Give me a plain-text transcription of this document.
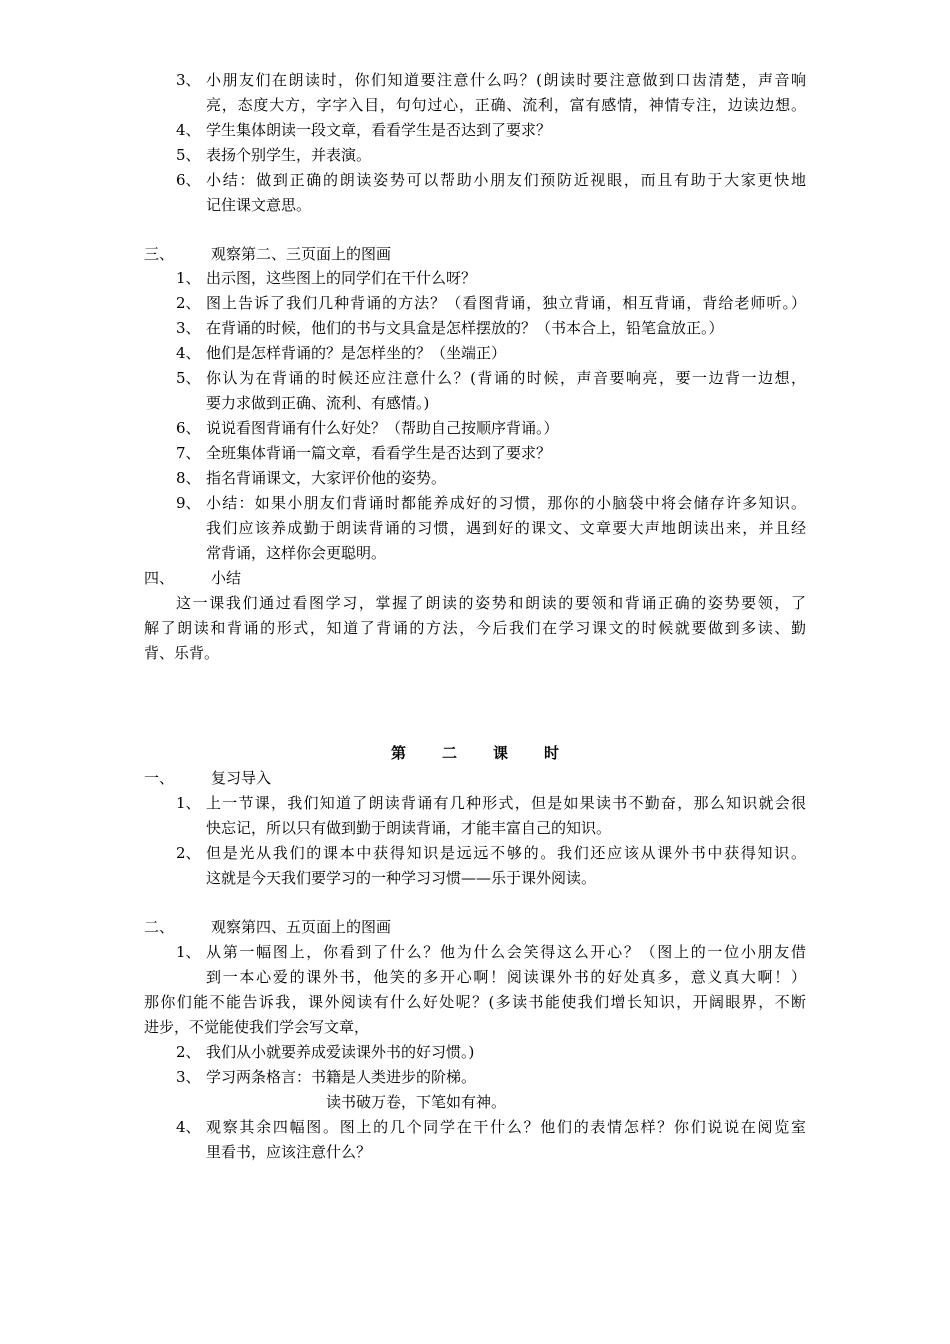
3、 小朋友们在朗读时，你们知道要注意什么吗？(朗读时要注意做到口齿清楚，声音响
亮，态度大方，字字入目，句句过心，正确、流利，富有感情，神情专注，边读边想。
4、 学生集体朗读一段文章，看看学生是否达到了要求？
5、 表扬个别学生，并表演。
6、 小结：做到正确的朗读姿势可以帮助小朋友们预防近视眼，而且有助于大家更快地
记住课文意思。
三、 观察第二、三页面上的图画
1、 出示图，这些图上的同学们在干什么呀？
2、 图上告诉了我们几种背诵的方法？（看图背诵，独立背诵，相互背诵，背给老师听。）
3、 在背诵的时候，他们的书与文具盒是怎样摆放的？（书本合上，铅笔盒放正。）
4、 他们是怎样背诵的？是怎样坐的？（坐端正）
5、 你认为在背诵的时候还应注意什么？(背诵的时候，声音要响亮，要一边背一边想，
要力求做到正确、流利、有感情。)
6、 说说看图背诵有什么好处？（帮助自己按顺序背诵。）
7、 全班集体背诵一篇文章，看看学生是否达到了要求？
8、 指名背诵课文，大家评价他的姿势。
9、 小结：如果小朋友们背诵时都能养成好的习惯，那你的小脑袋中将会储存许多知识。
我们应该养成勤于朗读背诵的习惯，遇到好的课文、文章要大声地朗读出来，并且经
常背诵，这样你会更聪明。
四、 小结
这一课我们通过看图学习，掌握了朗读的姿势和朗读的要领和背诵正确的姿势要领，了
解了朗读和背诵的形式，知道了背诵的方法，今后我们在学习课文的时候就要做到多读、勤
背、乐背。
第 二 课 时
一、 复习导入
1、 上一节课，我们知道了朗读背诵有几种形式，但是如果读书不勤奋，那么知识就会很
快忘记，所以只有做到勤于朗读背诵，才能丰富自己的知识。
2、 但是光从我们的课本中获得知识是远远不够的。我们还应该从课外书中获得知识。
这就是今天我们要学习的一种学习习惯——乐于课外阅读。
二、 观察第四、五页面上的图画
1、 从第一幅图上，你看到了什么？他为什么会笑得这么开心？（图上的一位小朋友借
到一本心爱的课外书，他笑的多开心啊！阅读课外书的好处真多，意义真大啊！）
那你们能不能告诉我，课外阅读有什么好处呢？(多读书能使我们增长知识，开阔眼界，不断
进步，不觉能使我们学会写文章，
2、 我们从小就要养成爱读课外书的好习惯。)
3、 学习两条格言：书籍是人类进步的阶梯。
读书破万卷，下笔如有神。
4、 观察其余四幅图。图上的几个同学在干什么？他们的表情怎样？你们说说在阅览室
里看书，应该注意什么？
